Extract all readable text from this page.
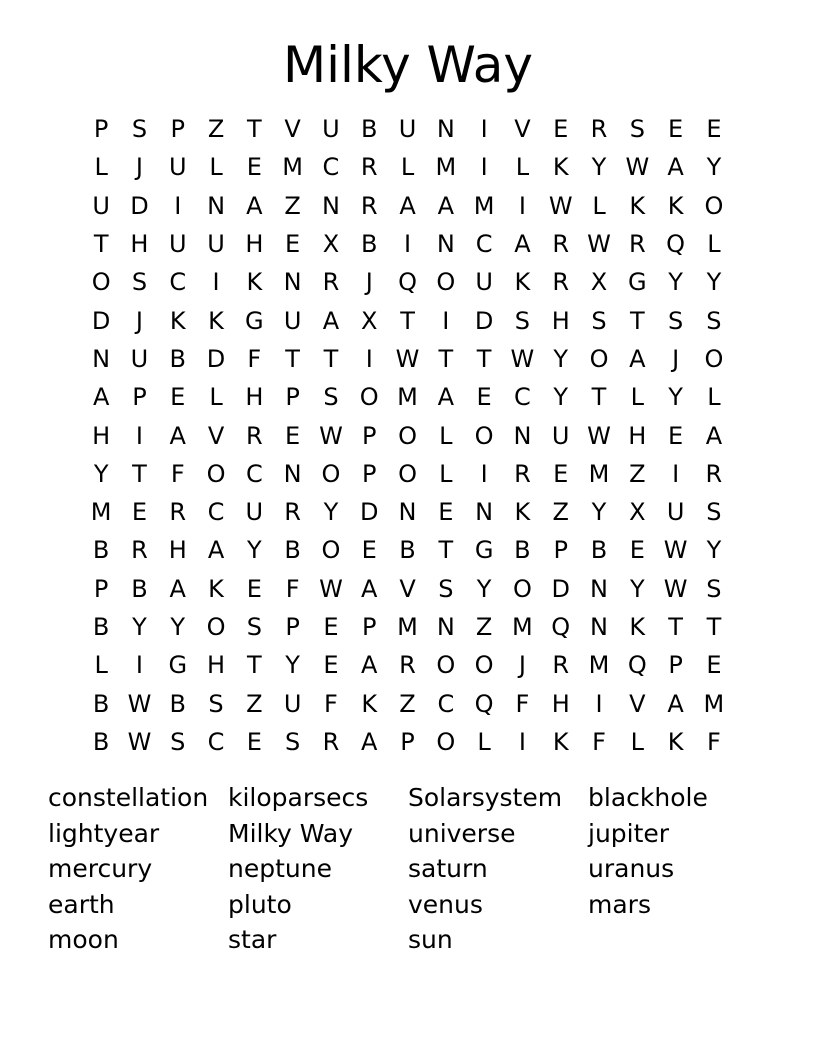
Milky Way
P S P Z T V U B U N	I	V E R S E E
L	J	U L	E M C R L M	I	L K Y W A Y
U D	I	N A Z N R A A M	I W L K K O
T H U U H E X B	I	N C A R W R Q L
O S C	I	K N R	J	Q O U K R X G Y Y
D	J	K K G U A X T	I	D S H S T S S
N U B D F	T T	I W T T W Y O A	J	O
A P E	L H P S O M A E C Y T	L	Y	L
H	I	A V R E W P O L O N U W H E A
Y T	F O C N O P O L	I	R E M Z	I	R
M E R C U R Y D N E N K Z Y X U S
B R H A Y B O E B T G B P B E W Y
P B A K E F W A V S Y O D N Y W S
B Y Y O S P E P M N Z M Q N K T T
L	I	G H T Y E A R O O	J	R M Q P E
B W B S Z U F K Z C Q F H	I	V A M
B W S C E S R A P O L	I	K F	L K F
constellation kiloparsecs	Solarsystem	blackhole
lightyear	Milky Way	universe	jupiter
mercury	neptune	saturn	uranus
earth	pluto	venus	mars
moon	star	sun
